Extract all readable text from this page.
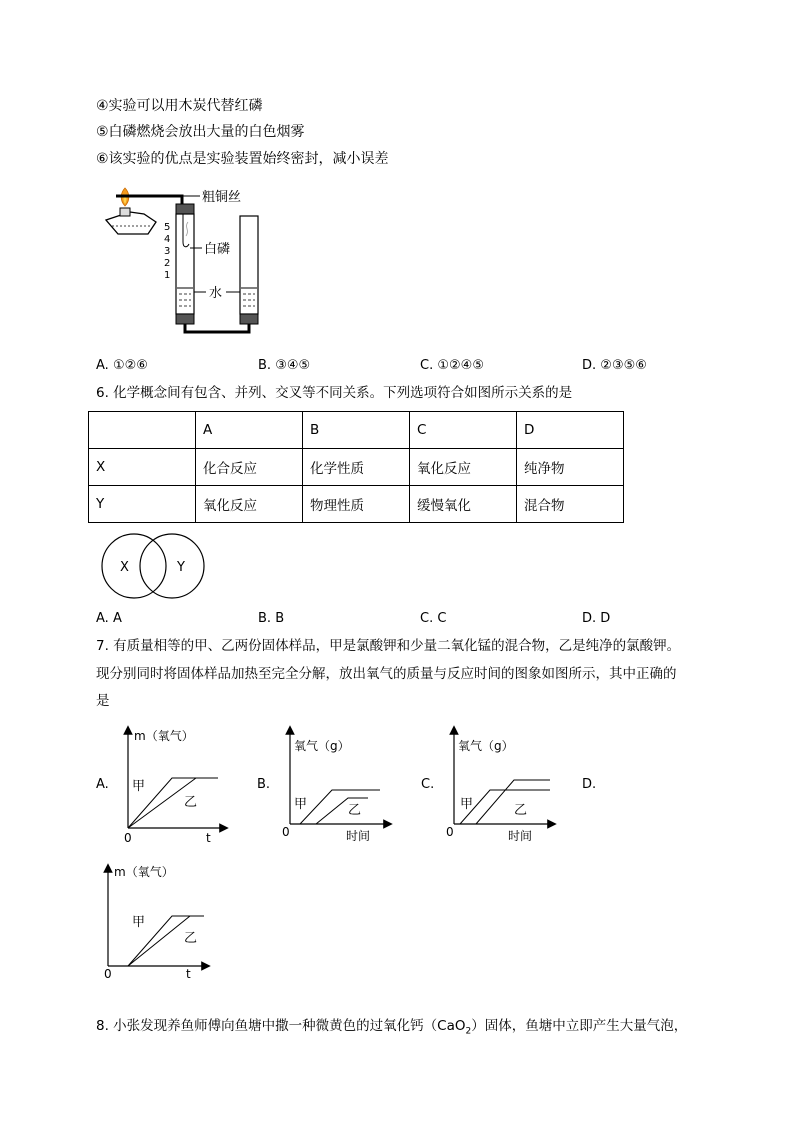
④实验可以用木炭代替红磷
⑤白磷燃烧会放出大量的白色烟雾
⑥该实验的优点是实验装置始终密封，减小误差
粗铜丝
白磷
5
4
3
2
1
水
A. ①②⑥	B. ③④⑤	C. ①②④⑤	D. ②③⑤⑥
6. 化学概念间有包含、并列、交叉等不同关系。下列选项符合如图所示关系的是
	A	B	C	D
X	化合反应	化学性质	氧化反应	纯净物
Y	氧化反应	物理性质	缓慢氧化	混合物
X	Y
A. A	B. B	C. C	D. D
7. 有质量相等的甲、乙两份固体样品，甲是氯酸钾和少量二氧化锰的混合物，乙是纯净的氯酸钾。
现分别同时将固体样品加热至完全分解，放出氧气的质量与反应时间的图象如图所示，其中正确的
是
A.	B.	C.	D.
m（氧气）
0	t
甲
乙
氧气（g）
0	时间
甲	乙
氧气（g）
0	时间
甲	乙
m（氧气）
0	t
甲
乙
8. 小张发现养鱼师傅向鱼塘中撒一种微黄色的过氧化钙（CaO$_2$）固体，鱼塘中立即产生大量气泡，
